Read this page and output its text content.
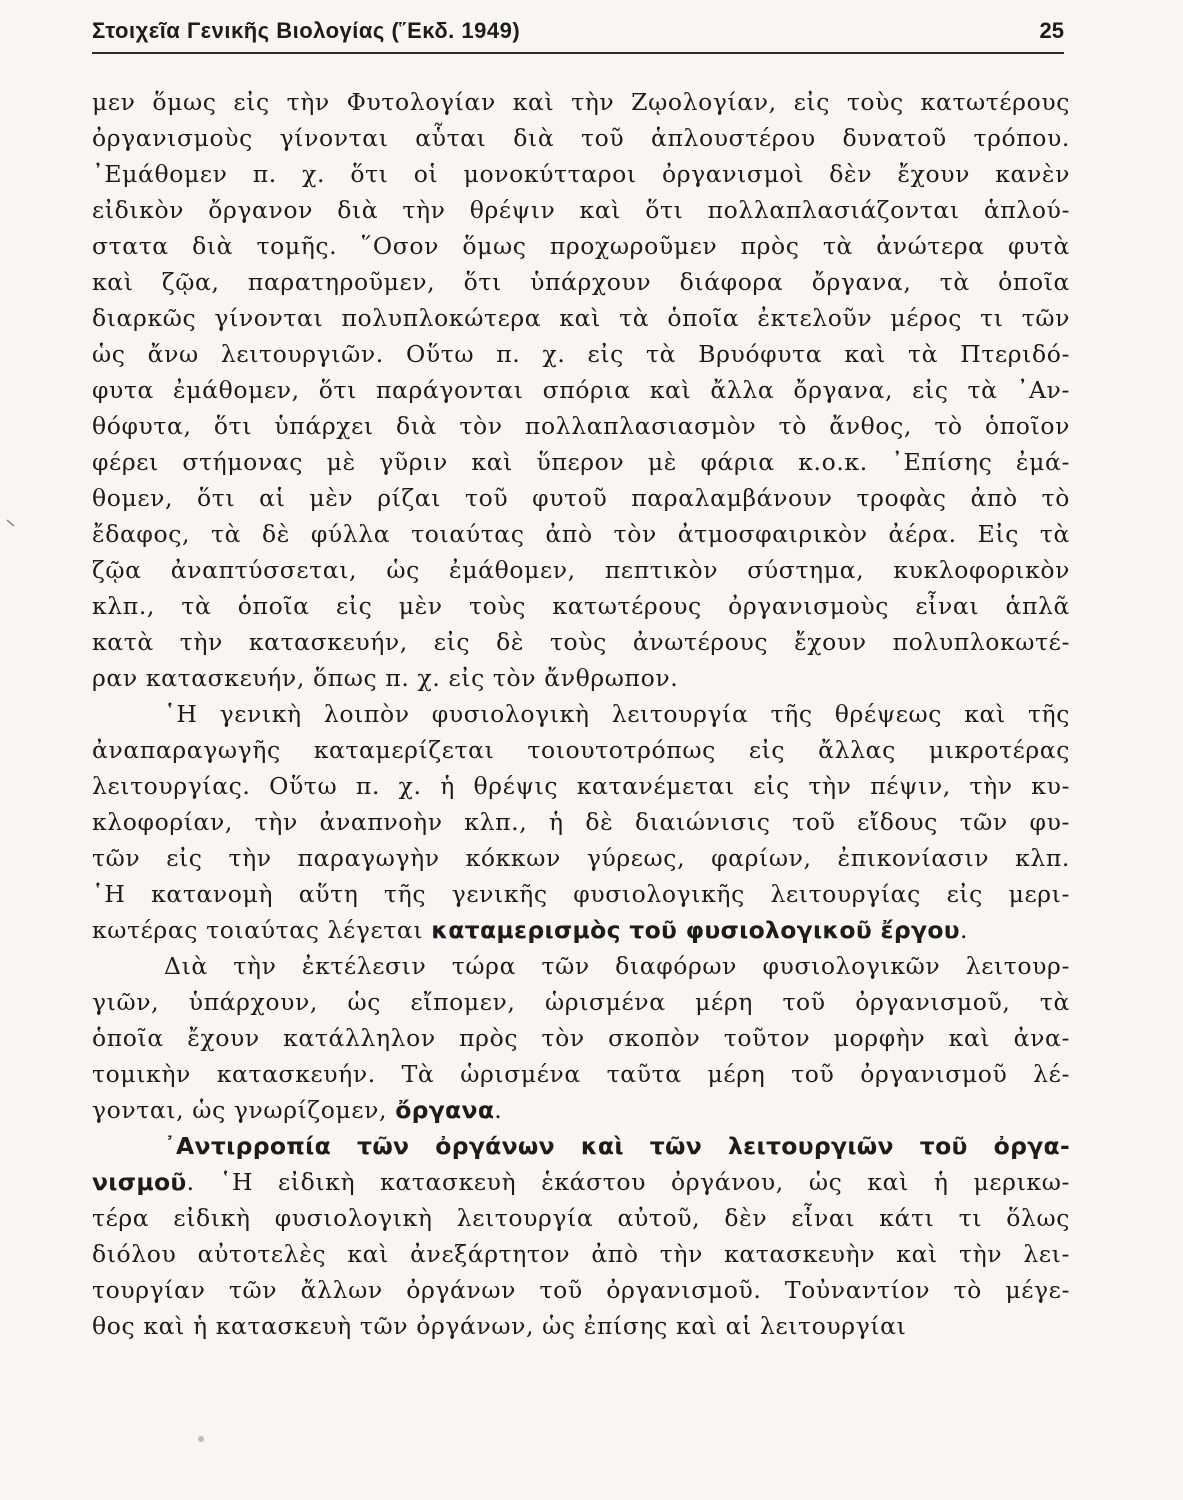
Στοιχεῖα Γενικῆς Βιολογίας (῞Εκδ. 1949)	25
μεν ὅμως εἰς τὴν Φυτολογίαν καὶ τὴν Ζῳολογίαν, εἰς τοὺς κατωτέρους
ὀργανισμοὺς γίνονται αὗται διὰ τοῦ ἁπλουστέρου δυνατοῦ τρόπου.
᾿Εμάθομεν π. χ. ὅτι οἱ μονοκύτταροι ὀργανισμοὶ δὲν ἔχουν κανὲν
εἰδικὸν ὄργανον διὰ τὴν θρέψιν καὶ ὅτι πολλαπλασιάζονται ἁπλού-
στατα διὰ τομῆς. ῞Οσον ὅμως προχωροῦμεν πρὸς τὰ ἀνώτερα φυτὰ
καὶ ζῷα, παρατηροῦμεν, ὅτι ὑπάρχουν διάφορα ὄργανα, τὰ ὁποῖα
διαρκῶς γίνονται πολυπλοκώτερα καὶ τὰ ὁποῖα ἐκτελοῦν μέρος τι τῶν
ὡς ἄνω λειτουργιῶν. Οὕτω π. χ. εἰς τὰ Βρυόφυτα καὶ τὰ Πτεριδό-
φυτα ἐμάθομεν, ὅτι παράγονται σπόρια καὶ ἄλλα ὄργανα, εἰς τὰ ᾿Αν-
θόφυτα, ὅτι ὑπάρχει διὰ τὸν πολλαπλασιασμὸν τὸ ἄνθος, τὸ ὁποῖον
φέρει στήμονας μὲ γῦριν καὶ ὕπερον μὲ φάρια κ.ο.κ. ᾿Επίσης ἐμά-
θομεν, ὅτι αἱ μὲν ρίζαι τοῦ φυτοῦ παραλαμβάνουν τροφὰς ἀπὸ τὸ
ἔδαφος, τὰ δὲ φύλλα τοιαύτας ἀπὸ τὸν ἀτμοσφαιρικὸν ἀέρα. Εἰς τὰ
ζῷα ἀναπτύσσεται, ὡς ἐμάθομεν, πεπτικὸν σύστημα, κυκλοφορικὸν
κλπ., τὰ ὁποῖα εἰς μὲν τοὺς κατωτέρους ὀργανισμοὺς εἶναι ἁπλᾶ
κατὰ τὴν κατασκευήν, εἰς δὲ τοὺς ἀνωτέρους ἔχουν πολυπλοκωτέ-
ραν κατασκευήν, ὅπως π. χ. εἰς τὸν ἄνθρωπον.
῾Η γενικὴ λοιπὸν φυσιολογικὴ λειτουργία τῆς θρέψεως καὶ τῆς
ἀναπαραγωγῆς καταμερίζεται τοιουτοτρόπως εἰς ἄλλας μικροτέρας
λειτουργίας. Οὕτω π. χ. ἡ θρέψις κατανέμεται εἰς τὴν πέψιν, τὴν κυ-
κλοφορίαν, τὴν ἀναπνοὴν κλπ., ἡ δὲ διαιώνισις τοῦ εἴδους τῶν φυ-
τῶν εἰς τὴν παραγωγὴν κόκκων γύρεως, φαρίων, ἐπικονίασιν κλπ.
῾Η κατανομὴ αὕτη τῆς γενικῆς φυσιολογικῆς λειτουργίας εἰς μερι-
κωτέρας τοιαύτας λέγεται καταμερισμὸς τοῦ φυσιολογικοῦ ἔργου.
Διὰ τὴν ἐκτέλεσιν τώρα τῶν διαφόρων φυσιολογικῶν λειτουρ-
γιῶν, ὑπάρχουν, ὡς εἴπομεν, ὡρισμένα μέρη τοῦ ὀργανισμοῦ, τὰ
ὁποῖα ἔχουν κατάλληλον πρὸς τὸν σκοπὸν τοῦτον μορφὴν καὶ ἀνα-
τομικὴν κατασκευήν. Τὰ ὡρισμένα ταῦτα μέρη τοῦ ὀργανισμοῦ λέ-
γονται, ὡς γνωρίζομεν, ὄργανα.
᾿Αντιρροπία τῶν ὀργάνων καὶ τῶν λειτουργιῶν τοῦ ὀργα-
νισμοῦ. ῾Η εἰδικὴ κατασκευὴ ἑκάστου ὀργάνου, ὡς καὶ ἡ μερικω-
τέρα εἰδικὴ φυσιολογικὴ λειτουργία αὐτοῦ, δὲν εἶναι κάτι τι ὅλως
διόλου αὐτοτελὲς καὶ ἀνεξάρτητον ἀπὸ τὴν κατασκευὴν καὶ τὴν λει-
τουργίαν τῶν ἄλλων ὀργάνων τοῦ ὀργανισμοῦ. Τοὐναντίον τὸ μέγε-
θος καὶ ἡ κατασκευὴ τῶν ὀργάνων, ὡς ἐπίσης καὶ αἱ λειτουργίαι
